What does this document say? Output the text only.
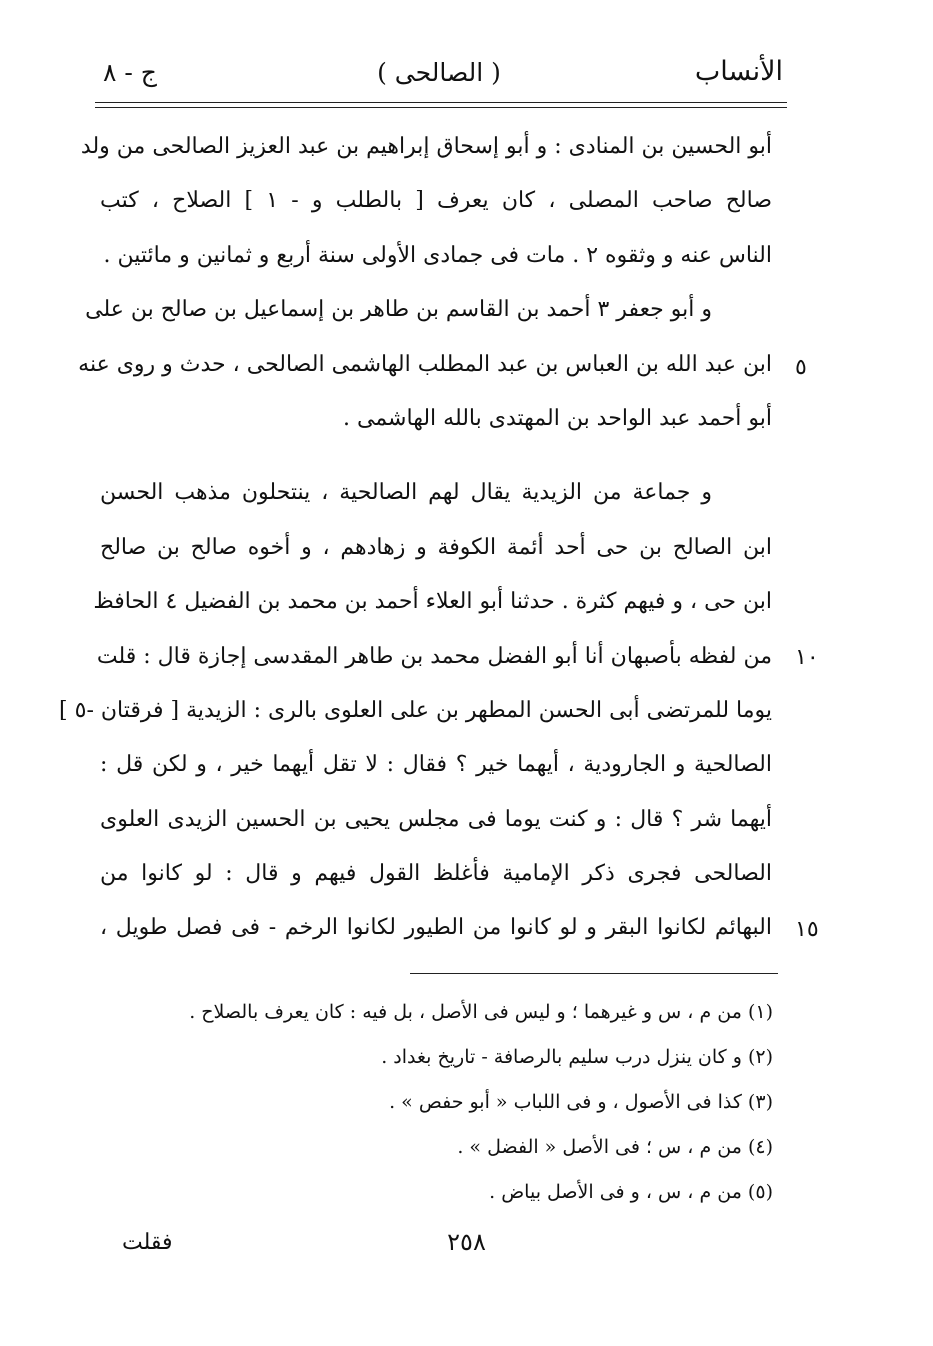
ج - ٨	( الصالحى )	الأنساب
أبو الحسين بن المنادى : و أبو إسحاق إبراهيم بن عبد العزيز الصالحى من ولد
صالح صاحب المصلى ، كان يعرف [ بالطلب و - ١ ] الصلاح ، كتب
الناس عنه و وثقوه ٢ . مات فى جمادى الأولى سنة أربع و ثمانين و مائتين .
و أبو جعفر ٣ أحمد بن القاسم بن طاهر بن إسماعيل بن صالح بن على
ابن عبد الله بن العباس بن عبد المطلب الهاشمى الصالحى ، حدث و روى عنه
أبو أحمد عبد الواحد بن المهتدى بالله الهاشمى .
و جماعة من الزيدية يقال لهم الصالحية ، ينتحلون مذهب الحسن
ابن الصالح بن حى أحد أئمة الكوفة و زهادهم ، و أخوه صالح بن صالح
ابن حى ، و فيهم كثرة . حدثنا أبو العلاء أحمد بن محمد بن الفضيل ٤ الحافظ
من لفظه بأصبهان أنا أبو الفضل محمد بن طاهر المقدسى إجازة قال : قلت
يوما للمرتضى أبى الحسن المطهر بن على العلوى بالرى : الزيدية [ فرقتان -٥ ]
الصالحية و الجارودية ، أيهما خير ؟ فقال : لا تقل أيهما خير ، و لكن قل :
أيهما شر ؟ قال : و كنت يوما فى مجلس يحيى بن الحسين الزيدى العلوى
الصالحى فجرى ذكر الإمامية فأغلظ القول فيهم و قال : لو كانوا من
البهائم لكانوا البقر و لو كانوا من الطيور لكانوا الرخم - فى فصل طويل ،
٥
١٠
١٥
(١) من م ، س و غيرهما ؛ و ليس فى الأصل ، بل فيه : كان يعرف بالصلاح .
(٢) و كان ينزل درب سليم بالرصافة - تاريخ بغداد .
(٣) كذا فى الأصول ، و فى اللباب « أبو حفص » .
(٤) من م ، س ؛ فى الأصل « الفضل » .
(٥) من م ، س ، و فى الأصل بياض .
٢٥٨
فقلت
